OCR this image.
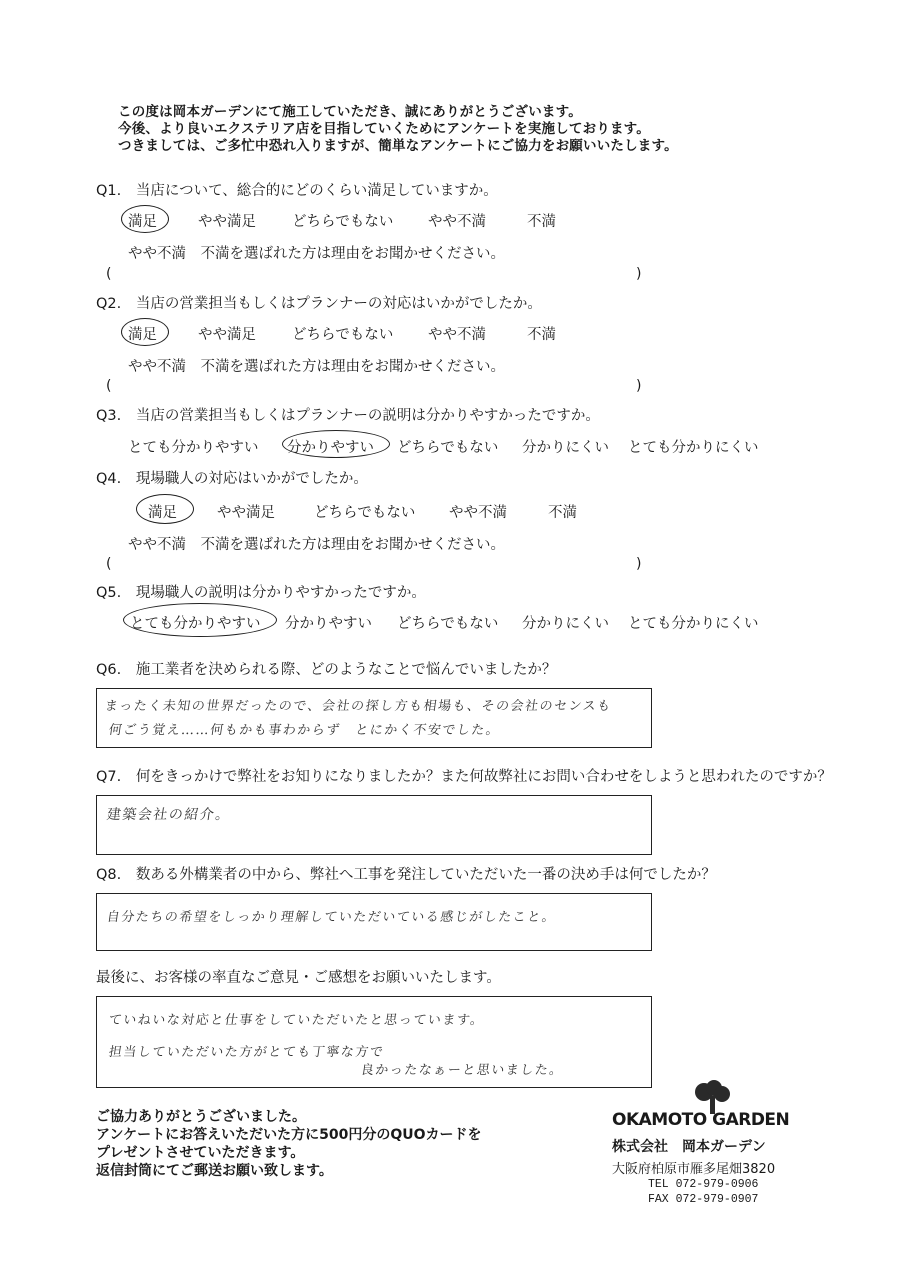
この度は岡本ガーデンにて施工していただき、誠にありがとうございます。
今後、より良いエクステリア店を目指していくためにアンケートを実施しております。
つきましては、ご多忙中恐れ入りますが、簡単なアンケートにご協力をお願いいたします。
Q1. 当店について、総合的にどのくらい満足していますか。
満足	やや満足 どちらでもない やや不満	不満
やや不満　不満を選ばれた方は理由をお聞かせください。
(	)
Q2. 当店の営業担当もしくはプランナーの対応はいかがでしたか。
満足	やや満足 どちらでもない やや不満	不満
やや不満　不満を選ばれた方は理由をお聞かせください。
(	)
Q3. 当店の営業担当もしくはプランナーの説明は分かりやすかったですか。
とても分かりやすい 分かりやすい どちらでもない 分かりにくい とても分かりにくい
Q4. 現場職人の対応はいかがでしたか。
満足	やや満足	どちらでもない やや不満	不満
やや不満　不満を選ばれた方は理由をお聞かせください。
(	)
Q5. 現場職人の説明は分かりやすかったですか。
とても分かりやすい 分かりやすい どちらでもない 分かりにくい とても分かりにくい
Q6. 施工業者を決められる際、どのようなことで悩んでいましたか？
まったく未知の世界だったので、会社の探し方も相場も、その会社のセンスも
何ごう覚え……何もかも事わからず　とにかく不安でした。
Q7. 何をきっかけで弊社をお知りになりましたか？また何故弊社にお問い合わせをしようと思われたのですか？
建築会社の紹介。
Q8. 数ある外構業者の中から、弊社へ工事を発注していただいた一番の決め手は何でしたか？
自分たちの希望をしっかり理解していただいている感じがしたこと。
最後に、お客様の率直なご意見・ご感想をお願いいたします。
ていねいな対応と仕事をしていただいたと思っています。
担当していただいた方がとても丁寧な方で
良かったなぁーと思いました。
ご協力ありがとうございました。
アンケートにお答えいただいた方に500円分のQUOカードを
プレゼントさせていただきます。
返信封筒にてご郵送お願い致します。
OKAMOTO GARDEN
株式会社　岡本ガーデン
大阪府柏原市雁多尾畑3820
TEL 072-979-0906
FAX 072-979-0907
